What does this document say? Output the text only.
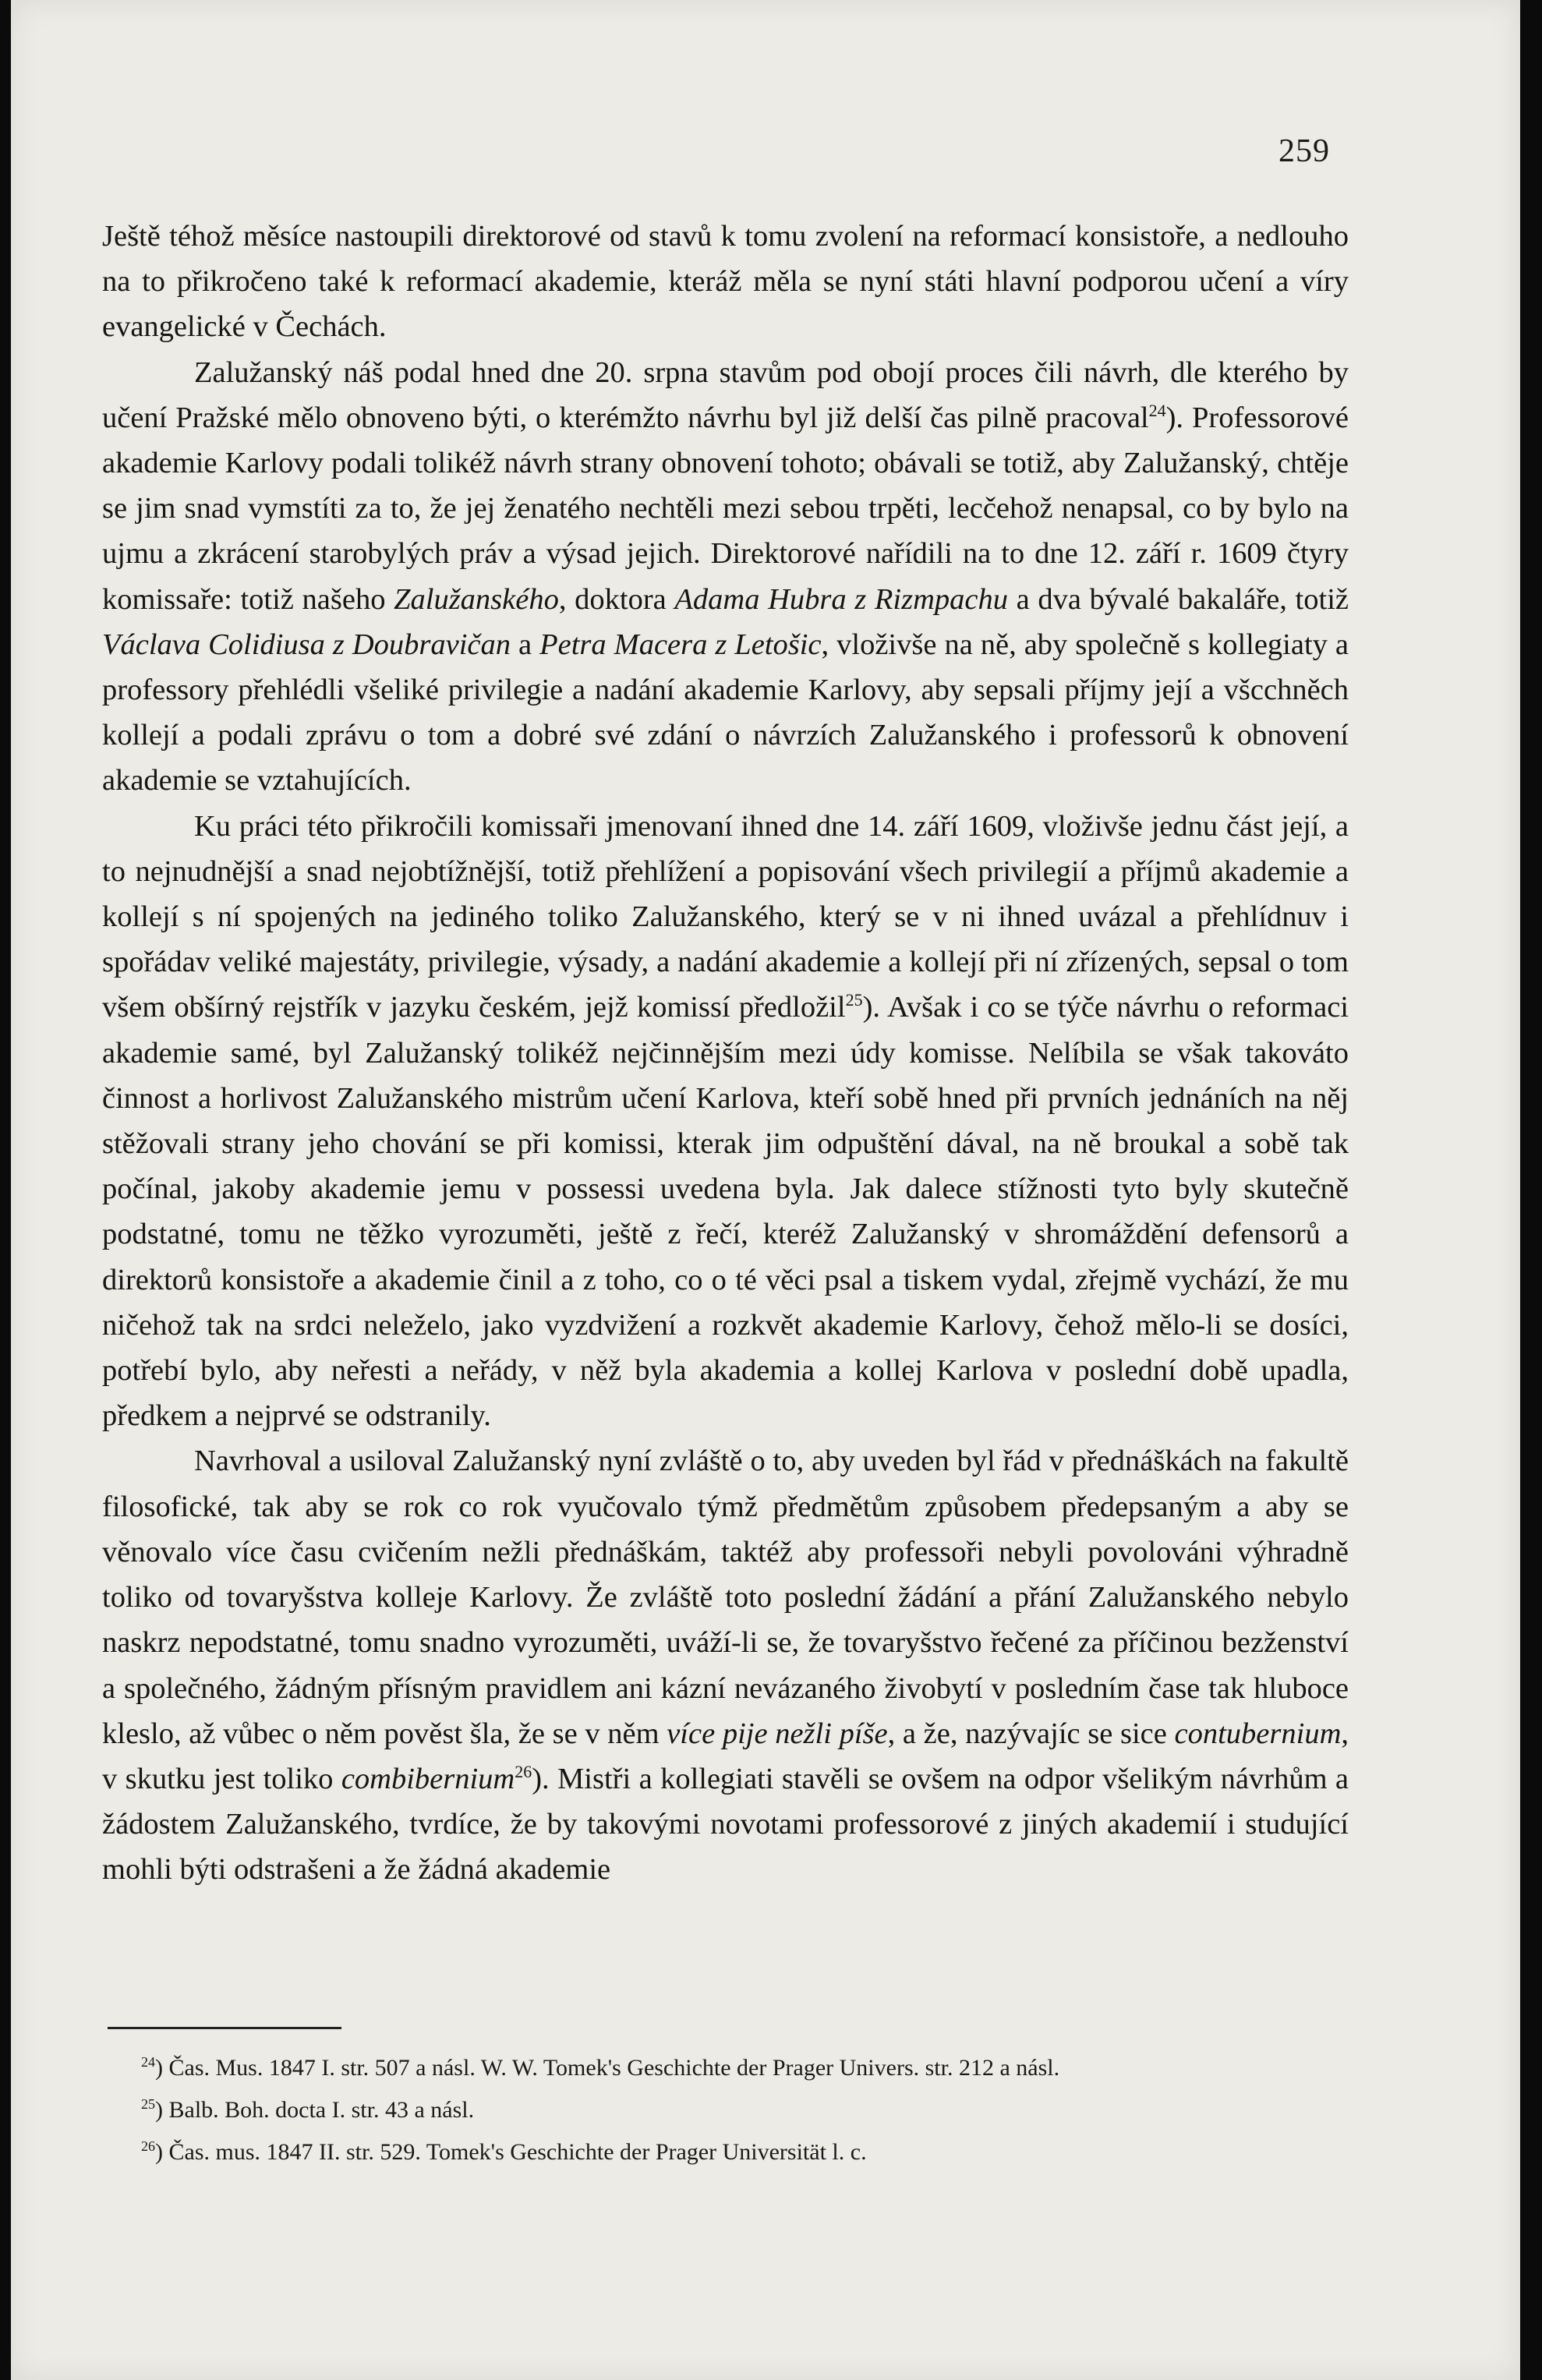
259

Ještě téhož měsíce nastoupili direktorové od stavů k tomu zvolení na reformací konsistoře, a nedlouho na to přikročeno také k reformací akademie, kteráž měla se nyní státi hlavní podporou učení a víry evangelické v Čechách.

Zalužanský náš podal hned dne 20. srpna stavům pod obojí proces čili návrh, dle kterého by učení Pražské mělo obnoveno býti, o kterémžto návrhu byl již delší čas pilně pracoval$^{24}$). Professorové akademie Karlovy podali tolikéž návrh strany obnovení tohoto; obávali se totiž, aby Zalužanský, chtěje se jim snad vymstíti za to, že jej ženatého nechtěli mezi sebou trpěti, lecčehož nenapsal, co by bylo na ujmu a zkrácení starobylých práv a výsad jejich. Direktorové nařídili na to dne 12. září r. 1609 čtyry komissaře: totiž našeho Zalužanského, doktora Adama Hubra z Rizmpachu a dva bývalé bakaláře, totiž Václava Colidiusa z Doubravičan a Petra Macera z Letošic, vloživše na ně, aby společně s kollegiaty a professory přehlédli všeliké privilegie a nadání akademie Karlovy, aby sepsali příjmy její a všcchněch kollejí a podali zprávu o tom a dobré své zdání o návrzích Zalužanského i professorů k obnovení akademie se vztahujících.

Ku práci této přikročili komissaři jmenovaní ihned dne 14. září 1609, vloživše jednu část její, a to nejnudnější a snad nejobtížnější, totiž přehlížení a popisování všech privilegií a příjmů akademie a kollejí s ní spojených na jediného toliko Zalužanského, který se v ni ihned uvázal a přehlídnuv i spořádav veliké majestáty, privilegie, výsady, a nadání akademie a kollejí při ní zřízených, sepsal o tom všem obšírný rejstřík v jazyku českém, jejž komissí předložil$^{25}$). Avšak i co se týče návrhu o reformaci akademie samé, byl Zalužanský tolikéž nejčinnějším mezi údy komisse. Nelíbila se však takováto činnost a horlivost Zalužanského mistrům učení Karlova, kteří sobě hned při prvních jednáních na něj stěžovali strany jeho chování se při komissi, kterak jim odpuštění dával, na ně broukal a sobě tak počínal, jakoby akademie jemu v possessi uvedena byla. Jak dalece stížnosti tyto byly skutečně podstatné, tomu ne těžko vyrozuměti, ještě z řečí, kteréž Zalužanský v shromáždění defensorů a direktorů konsistoře a akademie činil a z toho, co o té věci psal a tiskem vydal, zřejmě vychází, že mu ničehož tak na srdci neleželo, jako vyzdvižení a rozkvět akademie Karlovy, čehož mělo-li se dosíci, potřebí bylo, aby neřesti a neřády, v něž byla akademia a kollej Karlova v poslední době upadla, předkem a nejprvé se odstranily.

Navrhoval a usiloval Zalužanský nyní zvláště o to, aby uveden byl řád v přednáškách na fakultě filosofické, tak aby se rok co rok vyučovalo týmž předmětům způsobem předepsaným a aby se věnovalo více času cvičením nežli přednáškám, taktéž aby professoři nebyli povolováni výhradně toliko od tovaryšstva kolleje Karlovy. Že zvláště toto poslední žádání a přání Zalužanského nebylo naskrz nepodstatné, tomu snadno vyrozuměti, uváží-li se, že tovaryšstvo řečené za příčinou bezženství a společného, žádným přísným pravidlem ani kázní nevázaného živobytí v posledním čase tak hluboce kleslo, až vůbec o něm pověst šla, že se v něm více pije nežli píše, a že, nazývajíc se sice contubernium, v skutku jest toliko combibernium$^{26}$). Mistři a kollegiati stavěli se ovšem na odpor všelikým návrhům a žádostem Zalužanského, tvrdíce, že by takovými novotami professorové z jiných akademií i studující mohli býti odstrašeni a že žádná akademie

$^{24}$) Čas. Mus. 1847 I. str. 507 a násl. W. W. Tomek's Geschichte der Prager Univers. str. 212 a násl.
$^{25}$) Balb. Boh. docta I. str. 43 a násl.
$^{26}$) Čas. mus. 1847 II. str. 529. Tomek's Geschichte der Prager Universität l. c.
